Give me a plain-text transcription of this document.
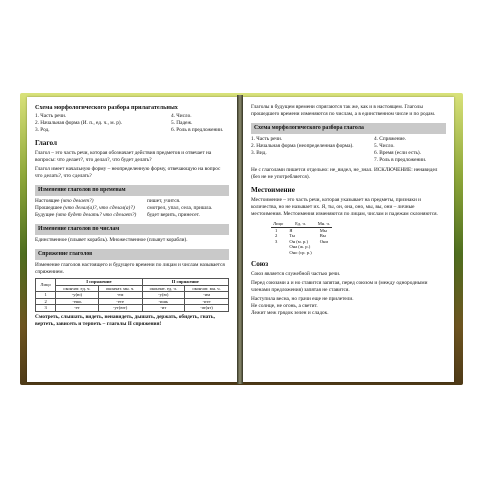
Схема морфологического разбора прилагательных
1. Часть речи.
2. Начальная форма (И. п., ед. ч., м. р).
3. Род.
4. Число.
5. Падеж.
6. Роль в предложении.
Глагол

Глагол – это часть речи, которая обозначает действия предметов и отвечает на вопросы: что делает?, что делал?, что будет делать?

Глагол имеет начальную форму – неопределенную форму, отвечающую на вопрос что делать?, что сделать?

Изменение глаголов по временам
Настоящее (что делает?)	пишет, учится.
Прошедшее (что делал(а)?, что сделал(а)?)	смотрел, упал, села, пришла.
Будущее (что будет делать? что сделает?)	будет верить, принесет.
Изменение глаголов по числам

Единственное (плывет корабль). Множественное (плывут корабли).

Спряжение глаголов

Изменение глаголов настоящего и будущего времени по лицам и числам называется спряжением.

Лицо	I спряжение		II спряжение	
	окончат. ед. ч.	окончат. мн. ч.	окончат. ед. ч.	окончат. мн. ч.
1	-у(ю)	-ем	-у(ю)	-им
2	-ешь	-ете	-ишь	-ите
3	-ет	-ут(ют)	-ит	-ат(ят)

Смотреть, слышать, видеть, ненавидеть, дышать, держать, обидеть, гнать, вертеть, зависеть и терпеть – глаголы II спряжения!

Глаголы в будущем времени спрягаются так же, как и в настоящем. Глаголы прошедшего времени изменяются по числам, а в единственном числе и по родам.

Схема морфологического разбора глагола
1. Часть речи.
2. Начальная форма (неопределенная форма).
3. Вид.
4. Спряжение.
5. Число.
6. Время (если есть).
7. Роль в предложении.

Не с глаголами пишется отдельно: не_видел, не_знал. ИСКЛЮЧЕНИЕ: ненавидел (без не не употребляется).

Местоимение

Местоимение – это часть речи, которая указывает на предметы, признаки и количества, но не называет их. Я, ты, он, она, оно, мы, вы, они – личные местоимения. Местоимения изменяются по лицам, числам и падежам склоняются.

Лицо	Ед. ч.	Мн. ч.
1	Я	Мы
2	Ты	Вы
3	Он (м. р.)	Они
	Она (ж. р.)	
	Оно (ср. р.)	
Союз

Союз является служебной частью речи.

Перед союзами а и но ставится запятая, перед союзом и (между однородными членами предложения) запятая не ставится.

Наступила весна, но грачи еще не прилетели.
Не солнце, не огонь, а светит.
Лежит меж грядок зелен и сладок.
